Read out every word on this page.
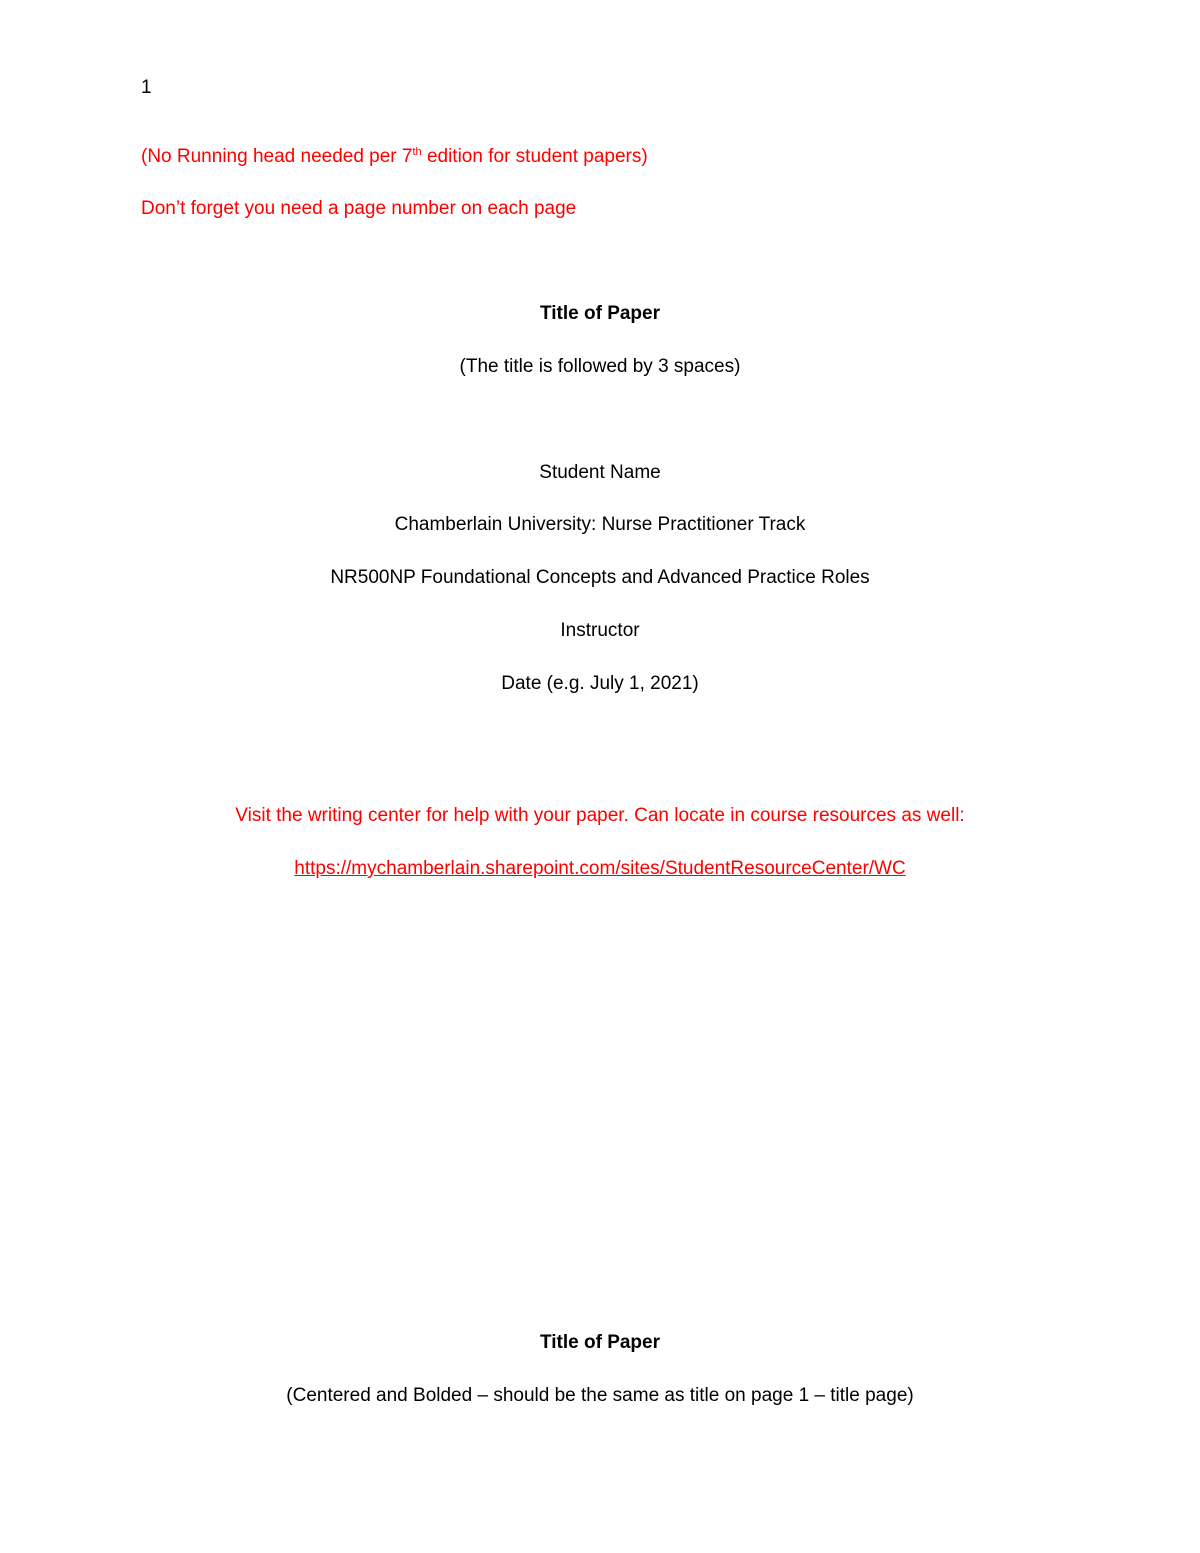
1
(No Running head needed per 7th edition for student papers)
Don’t forget you need a page number on each page
Title of Paper
(The title is followed by 3 spaces)
Student Name
Chamberlain University: Nurse Practitioner Track
NR500NP Foundational Concepts and Advanced Practice Roles
Instructor
Date (e.g. July 1, 2021)
Visit the writing center for help with your paper. Can locate in course resources as well:
https://mychamberlain.sharepoint.com/sites/StudentResourceCenter/WC
Title of Paper
(Centered and Bolded – should be the same as title on page 1 – title page)
